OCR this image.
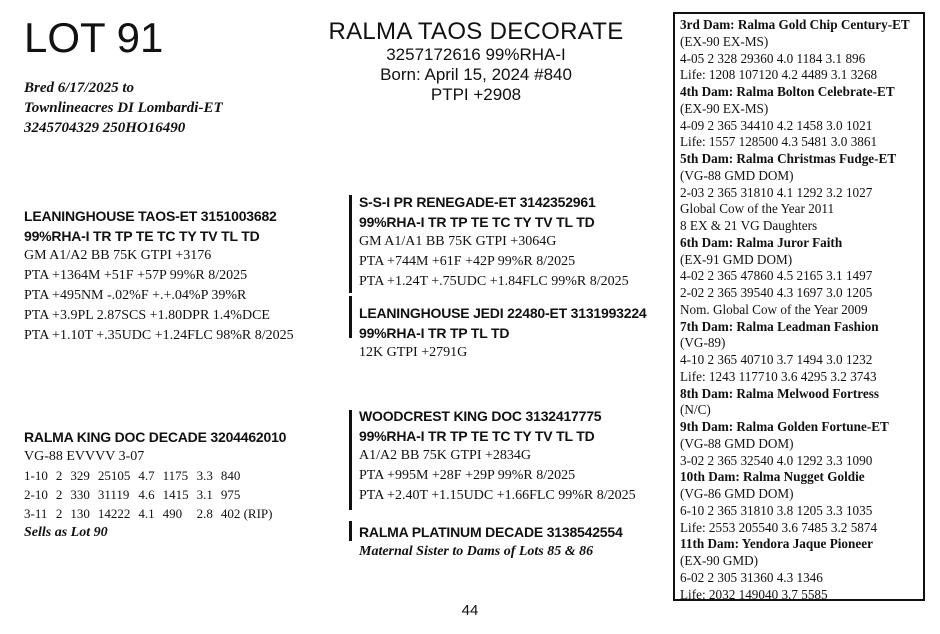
LOT 91
Bred 6/17/2025 to
Townlineacres DI Lombardi-ET
3245704329 250HO16490
RALMA TAOS DECORATE
3257172616 99%RHA-I
Born: April 15, 2024 #840
PTPI +2908
LEANINGHOUSE TAOS-ET 3151003682
99%RHA-I TR TP TE TC TY TV TL TD
GM A1/A2 BB 75K GTPI +3176
PTA +1364M +51F +57P 99%R 8/2025
PTA +495NM -.02%F +.+.04%P 39%R
PTA +3.9PL 2.87SCS +1.80DPR 1.4%DCE
PTA +1.10T +.35UDC +1.24FLC 98%R 8/2025
S-S-I PR RENEGADE-ET 3142352961
99%RHA-I TR TP TE TC TY TV TL TD
GM A1/A1 BB 75K GTPI +3064G
PTA +744M +61F +42P 99%R 8/2025
PTA +1.24T +.75UDC +1.84FLC 99%R 8/2025
LEANINGHOUSE JEDI 22480-ET 3131993224
99%RHA-I TR TP TL TD
12K GTPI +2791G
RALMA KING DOC DECADE 3204462010
VG-88 EVVVV 3-07
1-10	2	329	25105	4.7	1175	3.3	840
2-10	2	330	31119	4.6	1415	3.1	975
3-11	2	130	14222	4.1	490	2.8	402 (RIP)
Sells as Lot 90
WOODCREST KING DOC 3132417775
99%RHA-I TR TP TE TC TY TV TL TD
A1/A2 BB 75K GTPI +2834G
PTA +995M +28F +29P 99%R 8/2025
PTA +2.40T +1.15UDC +1.66FLC 99%R 8/2025
RALMA PLATINUM DECADE 3138542554
Maternal Sister to Dams of Lots 85 & 86
3rd Dam: Ralma Gold Chip Century-ET
(EX-90 EX-MS)
4-05 2 328 29360 4.0 1184 3.1 896
Life: 1208 107120 4.2 4489 3.1 3268
4th Dam: Ralma Bolton Celebrate-ET
(EX-90 EX-MS)
4-09 2 365 34410 4.2 1458 3.0 1021
Life: 1557 128500 4.3 5481 3.0 3861
5th Dam: Ralma Christmas Fudge-ET
(VG-88 GMD DOM)
2-03 2 365 31810 4.1 1292 3.2 1027
Global Cow of the Year 2011
8 EX & 21 VG Daughters
6th Dam: Ralma Juror Faith
(EX-91 GMD DOM)
4-02 2 365 47860 4.5 2165 3.1 1497
2-02 2 365 39540 4.3 1697 3.0 1205
Nom. Global Cow of the Year 2009
7th Dam: Ralma Leadman Fashion
(VG-89)
4-10 2 365 40710 3.7 1494 3.0 1232
Life: 1243 117710 3.6 4295 3.2 3743
8th Dam: Ralma Melwood Fortress
(N/C)
9th Dam: Ralma Golden Fortune-ET
(VG-88 GMD DOM)
3-02 2 365 32540 4.0 1292 3.3 1090
10th Dam: Ralma Nugget Goldie
(VG-86 GMD DOM)
6-10 2 365 31810 3.8 1205 3.3 1035
Life: 2553 205540 3.6 7485 3.2 5874
11th Dam: Yendora Jaque Pioneer
(EX-90 GMD)
6-02 2 305 31360 4.3 1346
Life: 2032 149040 3.7 5585
44
